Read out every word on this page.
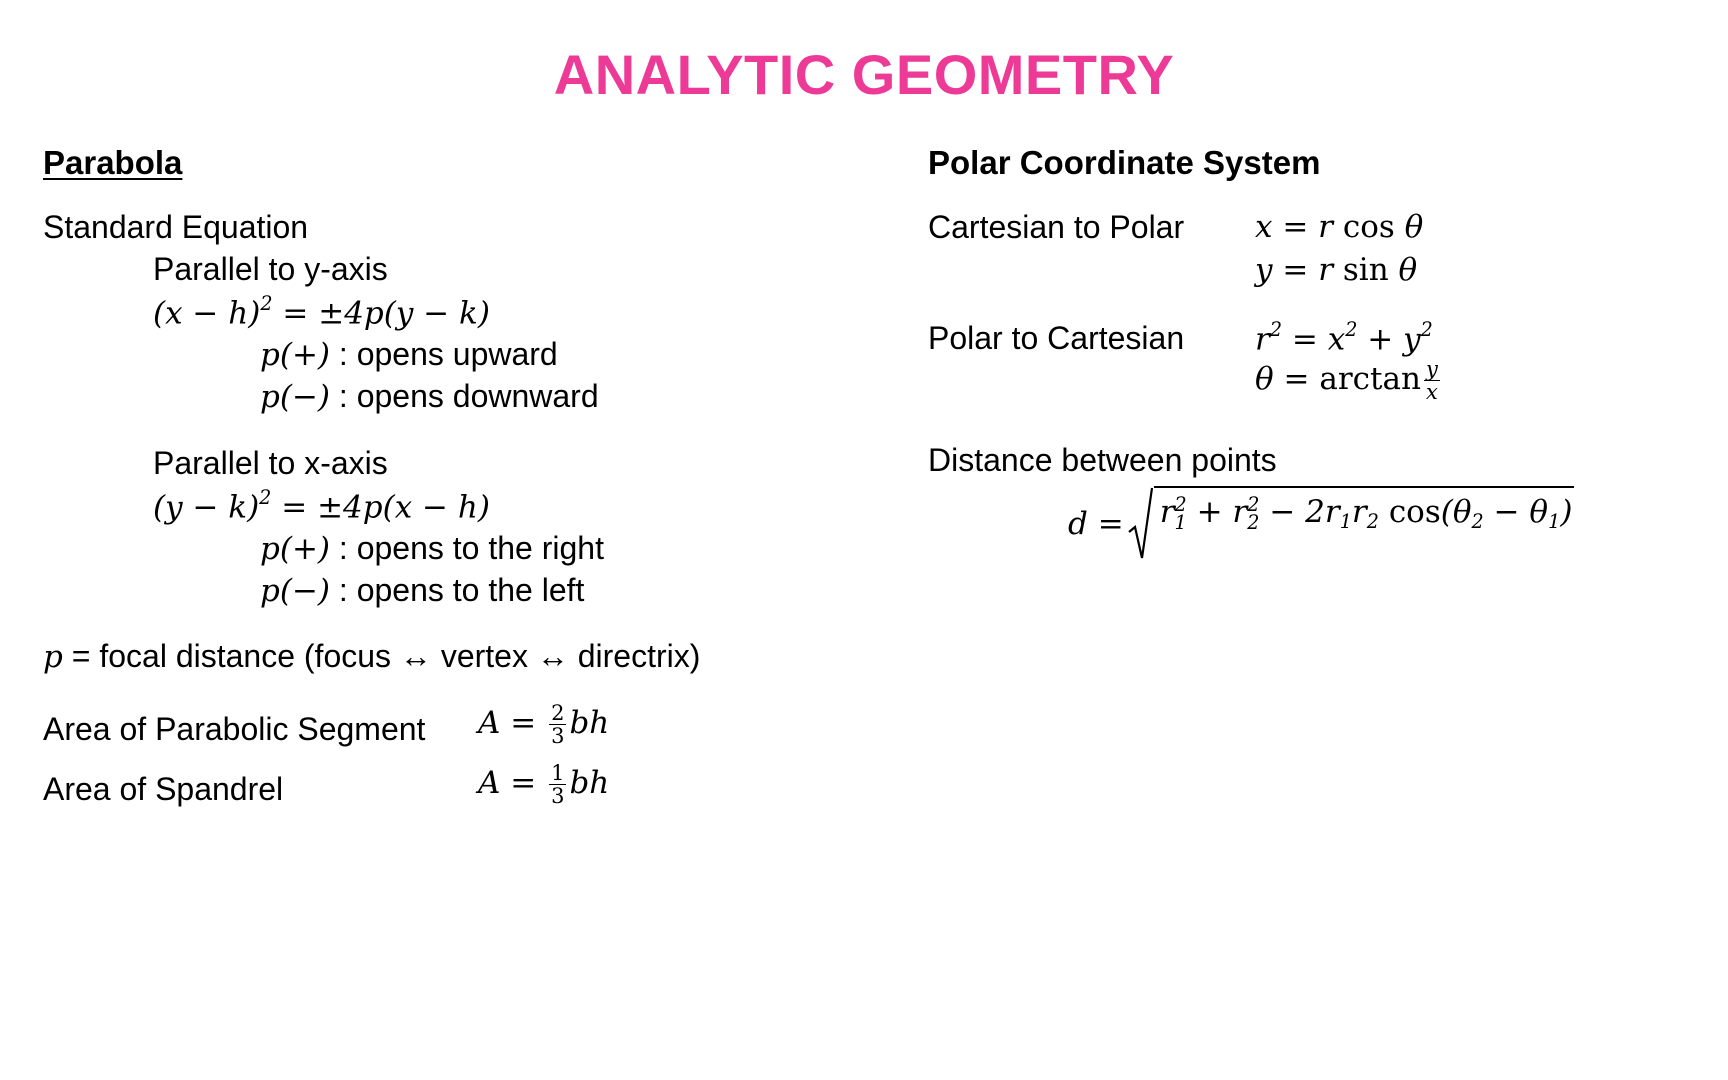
ANALYTIC GEOMETRY
Parabola
Standard Equation
Parallel to y-axis
$(x - h)^2 = \pm 4p(y - k)$
p(+) : opens upward
p(−) : opens downward
Parallel to x-axis
$(y - k)^2 = \pm 4p(x - h)$
p(+) : opens to the right
p(−) : opens to the left
p = focal distance (focus ↔ vertex ↔ directrix)
Area of Parabolic Segment $A = \frac{2}{3}$ bh
Area of Spandrel	$A = \frac{1}{3}$ bh
Polar Coordinate System
Cartesian to Polar x = r cos θ
y = r sin θ
Polar to Cartesian $r^2 = x^2 + y^2$
$\theta = \arctan \frac{y}{x}$
Distance between points
d = r 2
1 + r 2
$2 - 2r_1r_2$ $\cos(\theta_2 - \theta_1)$
